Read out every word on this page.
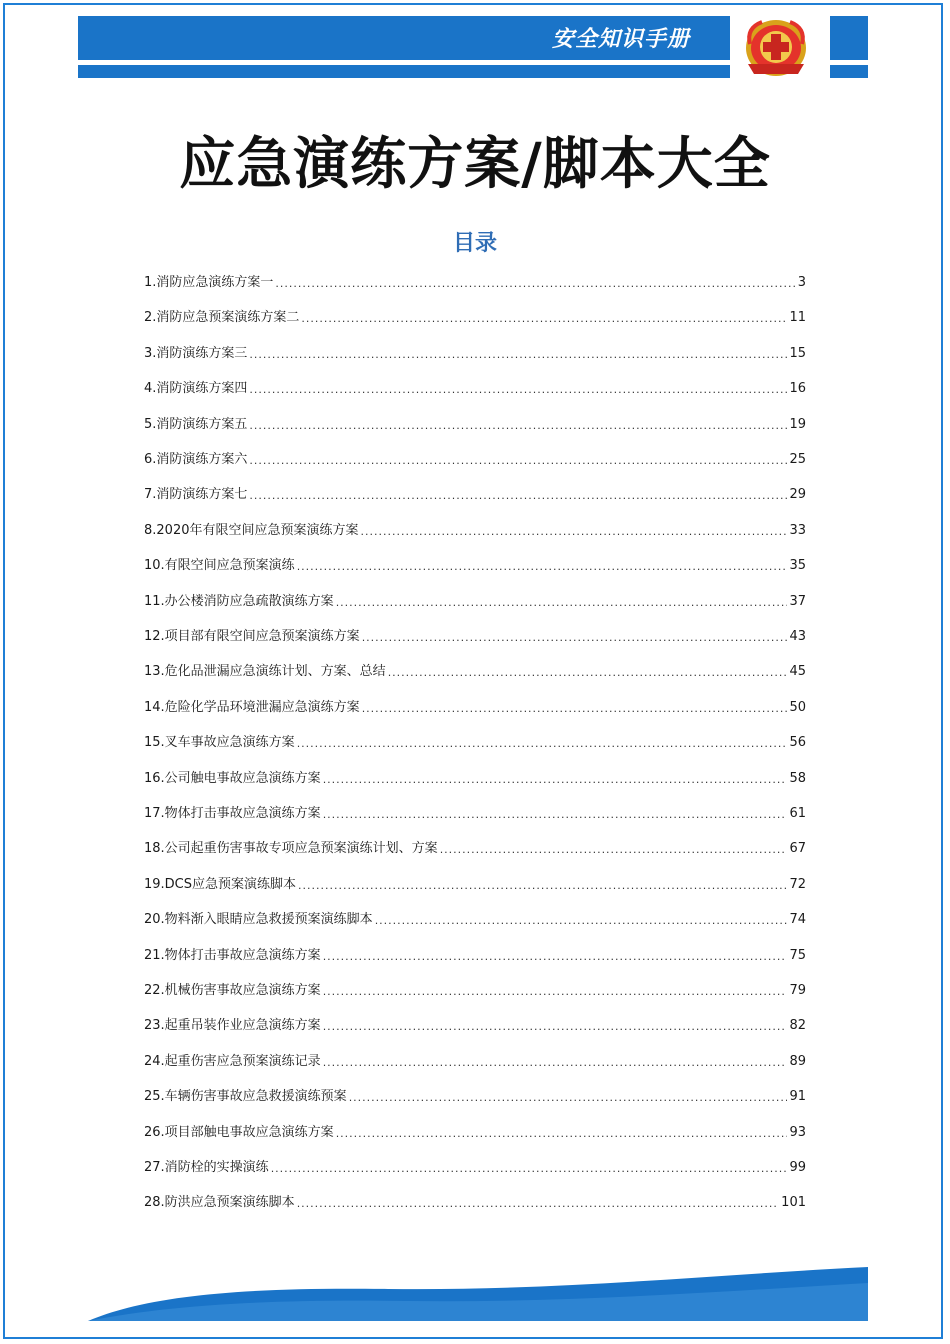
安全知识手册
应急演练方案/脚本大全
目录
1.消防应急演练方案一 .....	3
2.消防应急预案演练方案二 .....	11
3.消防演练方案三 .....	15
4.消防演练方案四 .....	16
5.消防演练方案五 .....	19
6.消防演练方案六 .....	25
7.消防演练方案七 .....	29
8.2020年有限空间应急预案演练方案 .....	33
10.有限空间应急预案演练 .....	35
11.办公楼消防应急疏散演练方案 .....	37
12.项目部有限空间应急预案演练方案 .....	43
13.危化品泄漏应急演练计划、方案、总结 .....	45
14.危险化学品环境泄漏应急演练方案 .....	50
15.叉车事故应急演练方案 .....	56
16.公司触电事故应急演练方案 .....	58
17.物体打击事故应急演练方案 .....	61
18.公司起重伤害事故专项应急预案演练计划、方案 .....	67
19.DCS应急预案演练脚本 .....	72
20.物料渐入眼睛应急救援预案演练脚本 .....	74
21.物体打击事故应急演练方案 .....	75
22.机械伤害事故应急演练方案 .....	79
23.起重吊装作业应急演练方案 .....	82
24.起重伤害应急预案演练记录 .....	89
25.车辆伤害事故应急救援演练预案 .....	91
26.项目部触电事故应急演练方案 .....	93
27.消防栓的实操演练 .....	99
28.防洪应急预案演练脚本 .....	101
